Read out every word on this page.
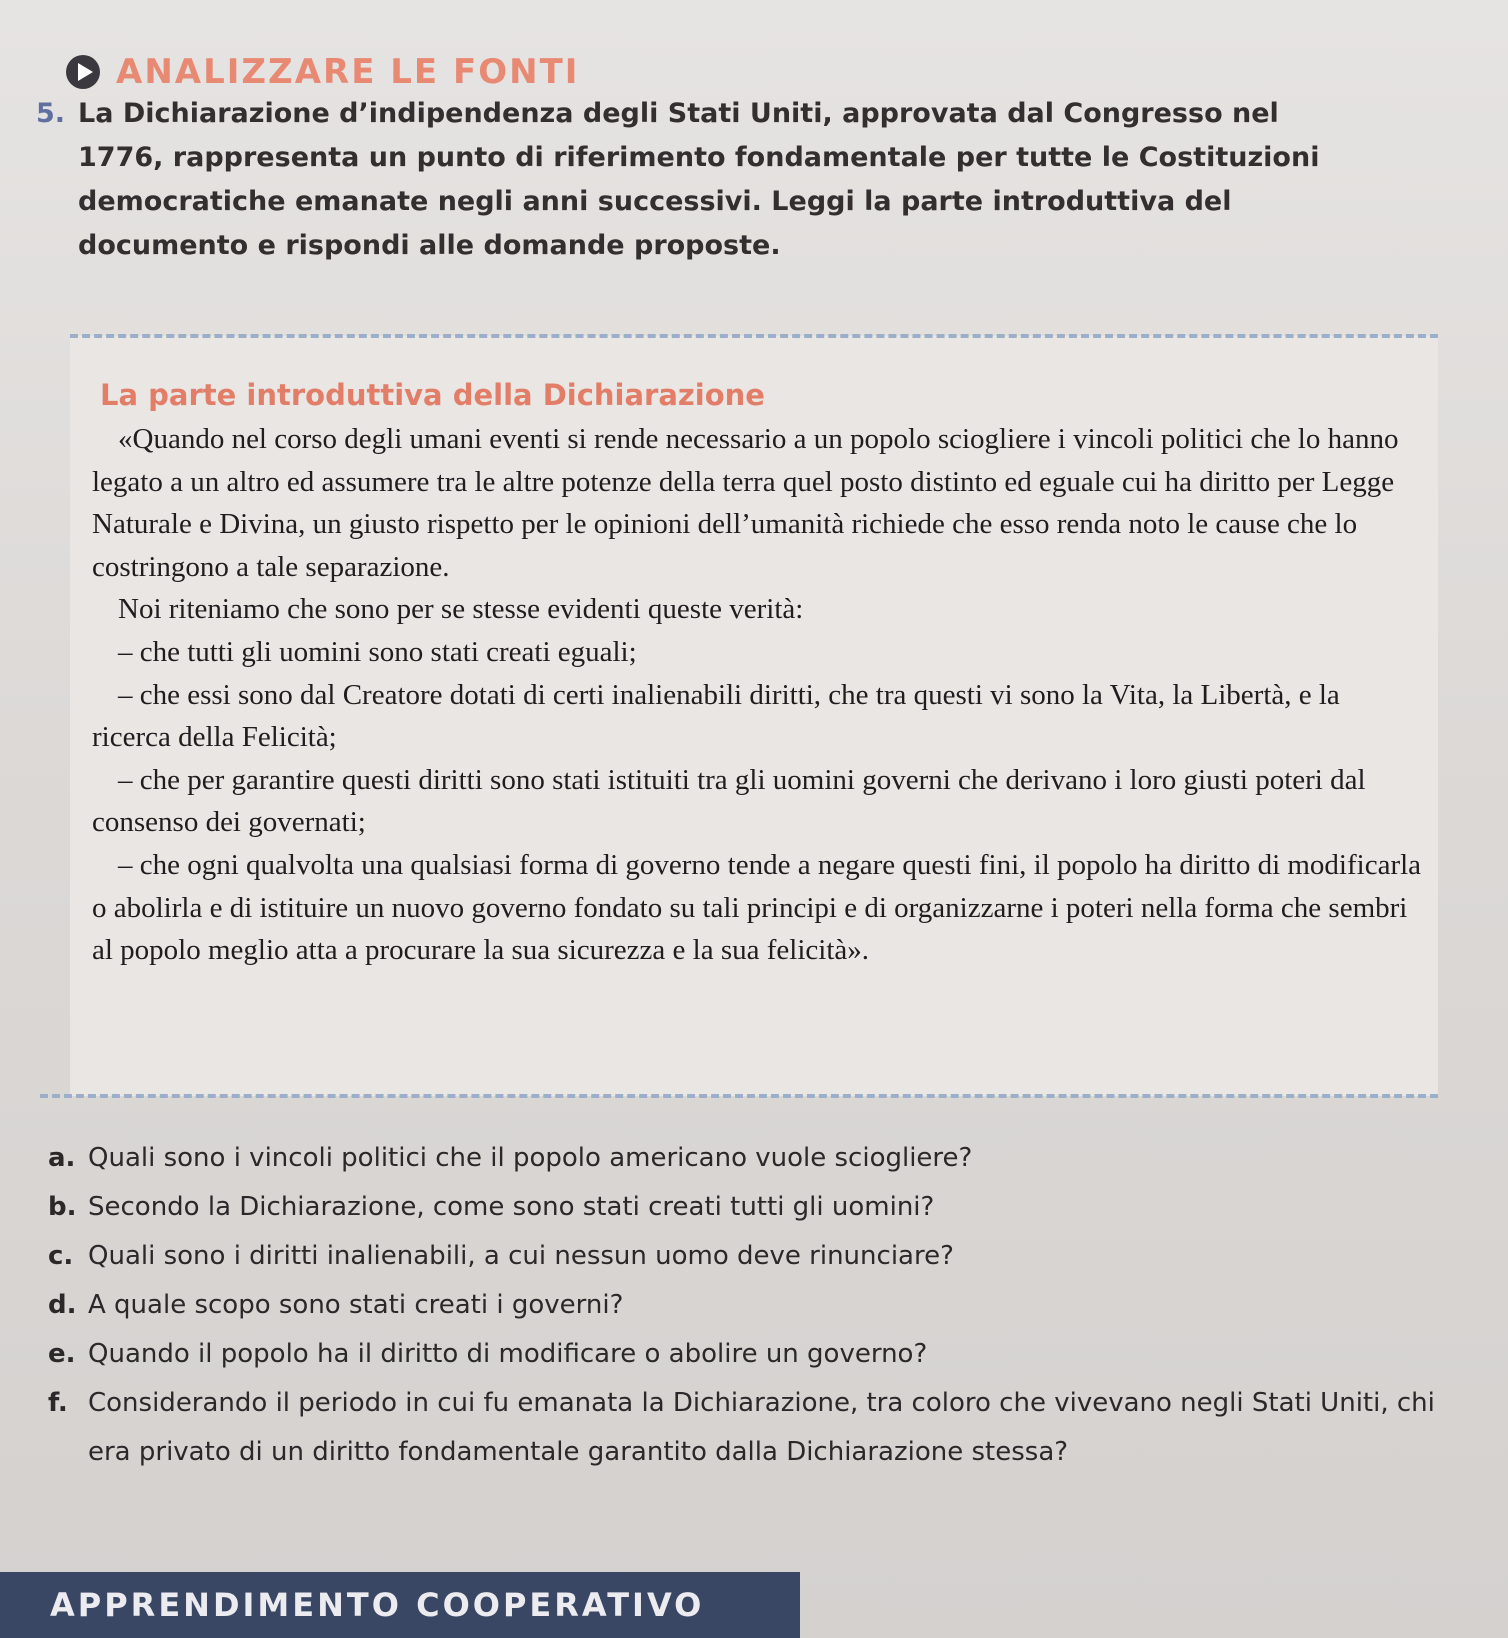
ANALIZZARE LE FONTI
5. La Dichiarazione d’indipendenza degli Stati Uniti, approvata dal Congresso nel 1776, rappresenta un punto di riferimento fondamentale per tutte le Costituzioni democratiche emanate negli anni successivi. Leggi la parte introduttiva del documento e rispondi alle domande proposte.
La parte introduttiva della Dichiarazione

«Quando nel corso degli umani eventi si rende necessario a un popolo sciogliere i vincoli politici che lo hanno legato a un altro ed assumere tra le altre potenze della terra quel posto distinto ed eguale cui ha diritto per Legge Naturale e Divina, un giusto rispetto per le opinioni dell’umanità richiede che esso renda noto le cause che lo costringono a tale separazione.

Noi riteniamo che sono per se stesse evidenti queste verità:

– che tutti gli uomini sono stati creati eguali;

– che essi sono dal Creatore dotati di certi inalienabili diritti, che tra questi vi sono la Vita, la Libertà, e la ricerca della Felicità;

– che per garantire questi diritti sono stati istituiti tra gli uomini governi che derivano i loro giusti poteri dal consenso dei governati;

– che ogni qualvolta una qualsiasi forma di governo tende a negare questi fini, il popolo ha diritto di modificarla o abolirla e di istituire un nuovo governo fondato su tali principi e di organizzarne i poteri nella forma che sembri al popolo meglio atta a procurare la sua sicurezza e la sua felicità».

a. Quali sono i vincoli politici che il popolo americano vuole sciogliere?
b. Secondo la Dichiarazione, come sono stati creati tutti gli uomini?
c. Quali sono i diritti inalienabili, a cui nessun uomo deve rinunciare?
d. A quale scopo sono stati creati i governi?
e. Quando il popolo ha il diritto di modificare o abolire un governo?
f. Considerando il periodo in cui fu emanata la Dichiarazione, tra coloro che vivevano negli Stati Uniti, chi era privato di un diritto fondamentale garantito dalla Dichiarazione stessa?
APPRENDIMENTO COOPERATIVO
